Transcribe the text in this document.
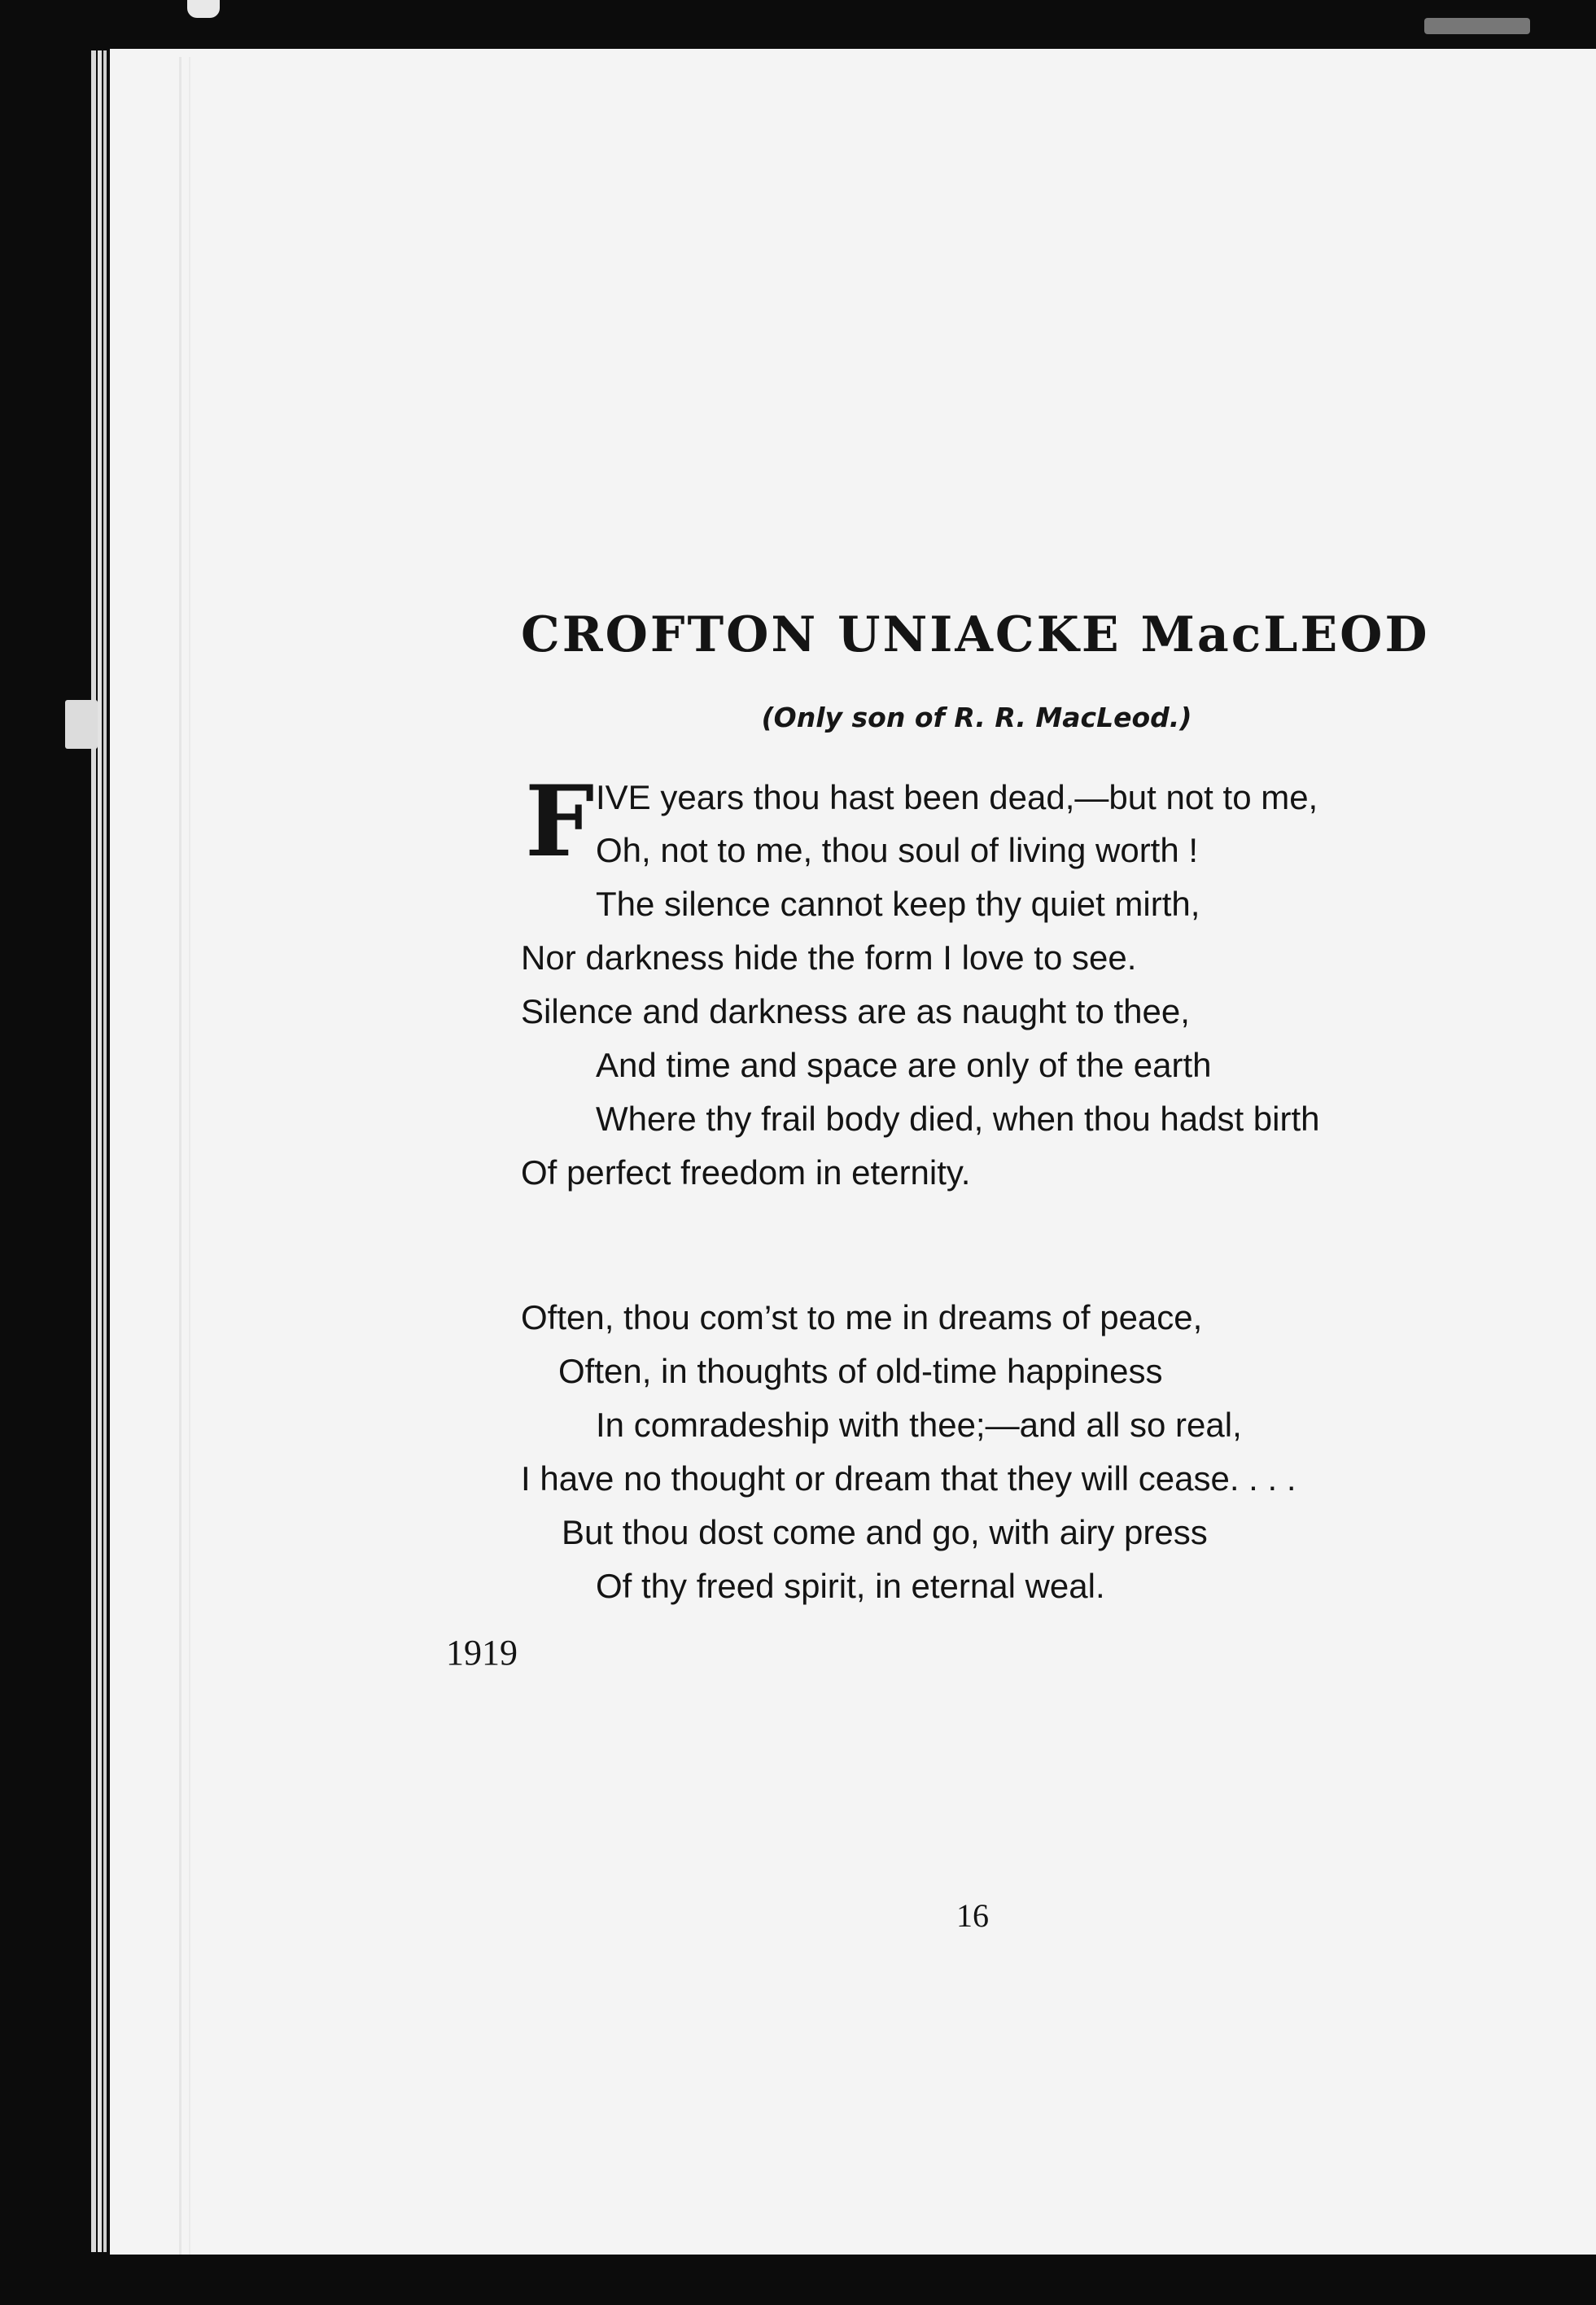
CROFTON UNIACKE MacLEOD
(Only son of R. R. MacLeod.)
F IVE years thou hast been dead,—but not to me,
Oh, not to me, thou soul of living worth !
The silence cannot keep thy quiet mirth,
Nor darkness hide the form I love to see.
Silence and darkness are as naught to thee,
And time and space are only of the earth
Where thy frail body died, when thou hadst birth
Of perfect freedom in eternity.
Often, thou com’st to me in dreams of peace,
Often, in thoughts of old-time happiness
In comradeship with thee;—and all so real,
I have no thought or dream that they will cease. . . .
But thou dost come and go, with airy press
Of thy freed spirit, in eternal weal.
1919
16
